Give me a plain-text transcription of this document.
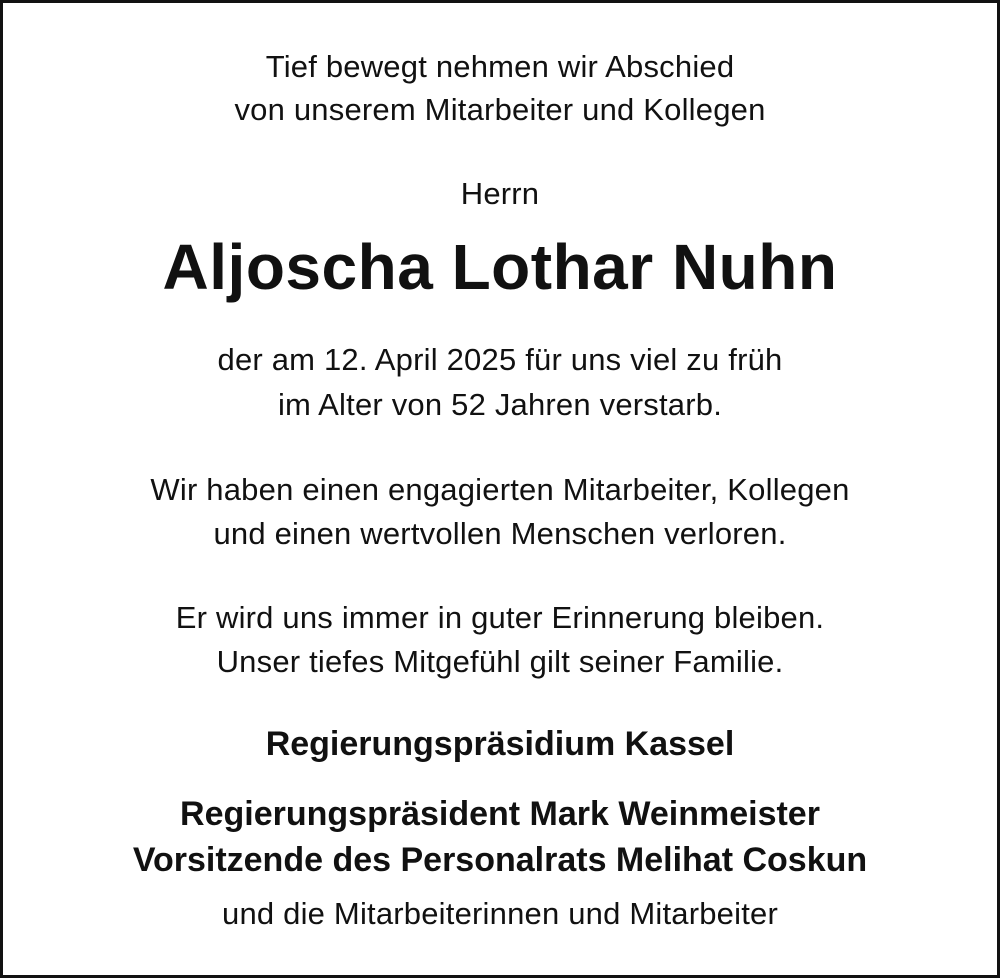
Tief bewegt nehmen wir Abschied
von unserem Mitarbeiter und Kollegen
Herrn
Aljoscha Lothar Nuhn
der am 12. April 2025 für uns viel zu früh
im Alter von 52 Jahren verstarb.
Wir haben einen engagierten Mitarbeiter, Kollegen
und einen wertvollen Menschen verloren.
Er wird uns immer in guter Erinnerung bleiben.
Unser tiefes Mitgefühl gilt seiner Familie.
Regierungspräsidium Kassel
Regierungspräsident Mark Weinmeister
Vorsitzende des Personalrats Melihat Coskun
und die Mitarbeiterinnen und Mitarbeiter
